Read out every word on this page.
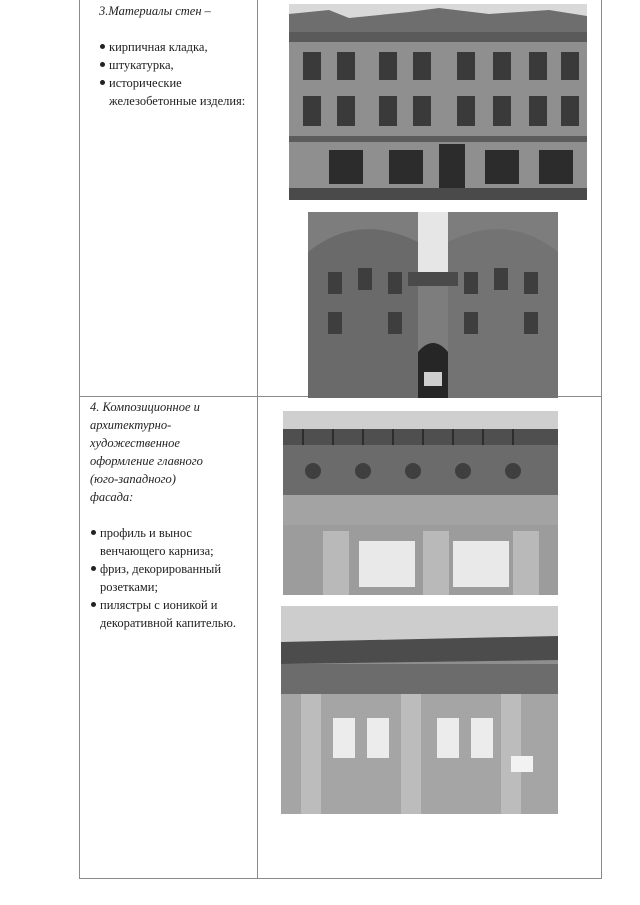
3.Материалы стен –

кирпичная кладка,
штукатурка,
исторические железобетонные изделия:

4. Композиционное и

архитектурно-

художественное

оформление главного

(юго-западного)

фасада:

профиль и вынос венчающего карниза;
фриз, декорированный розетками;
пилястры с ионикой и декоративной капителью.
